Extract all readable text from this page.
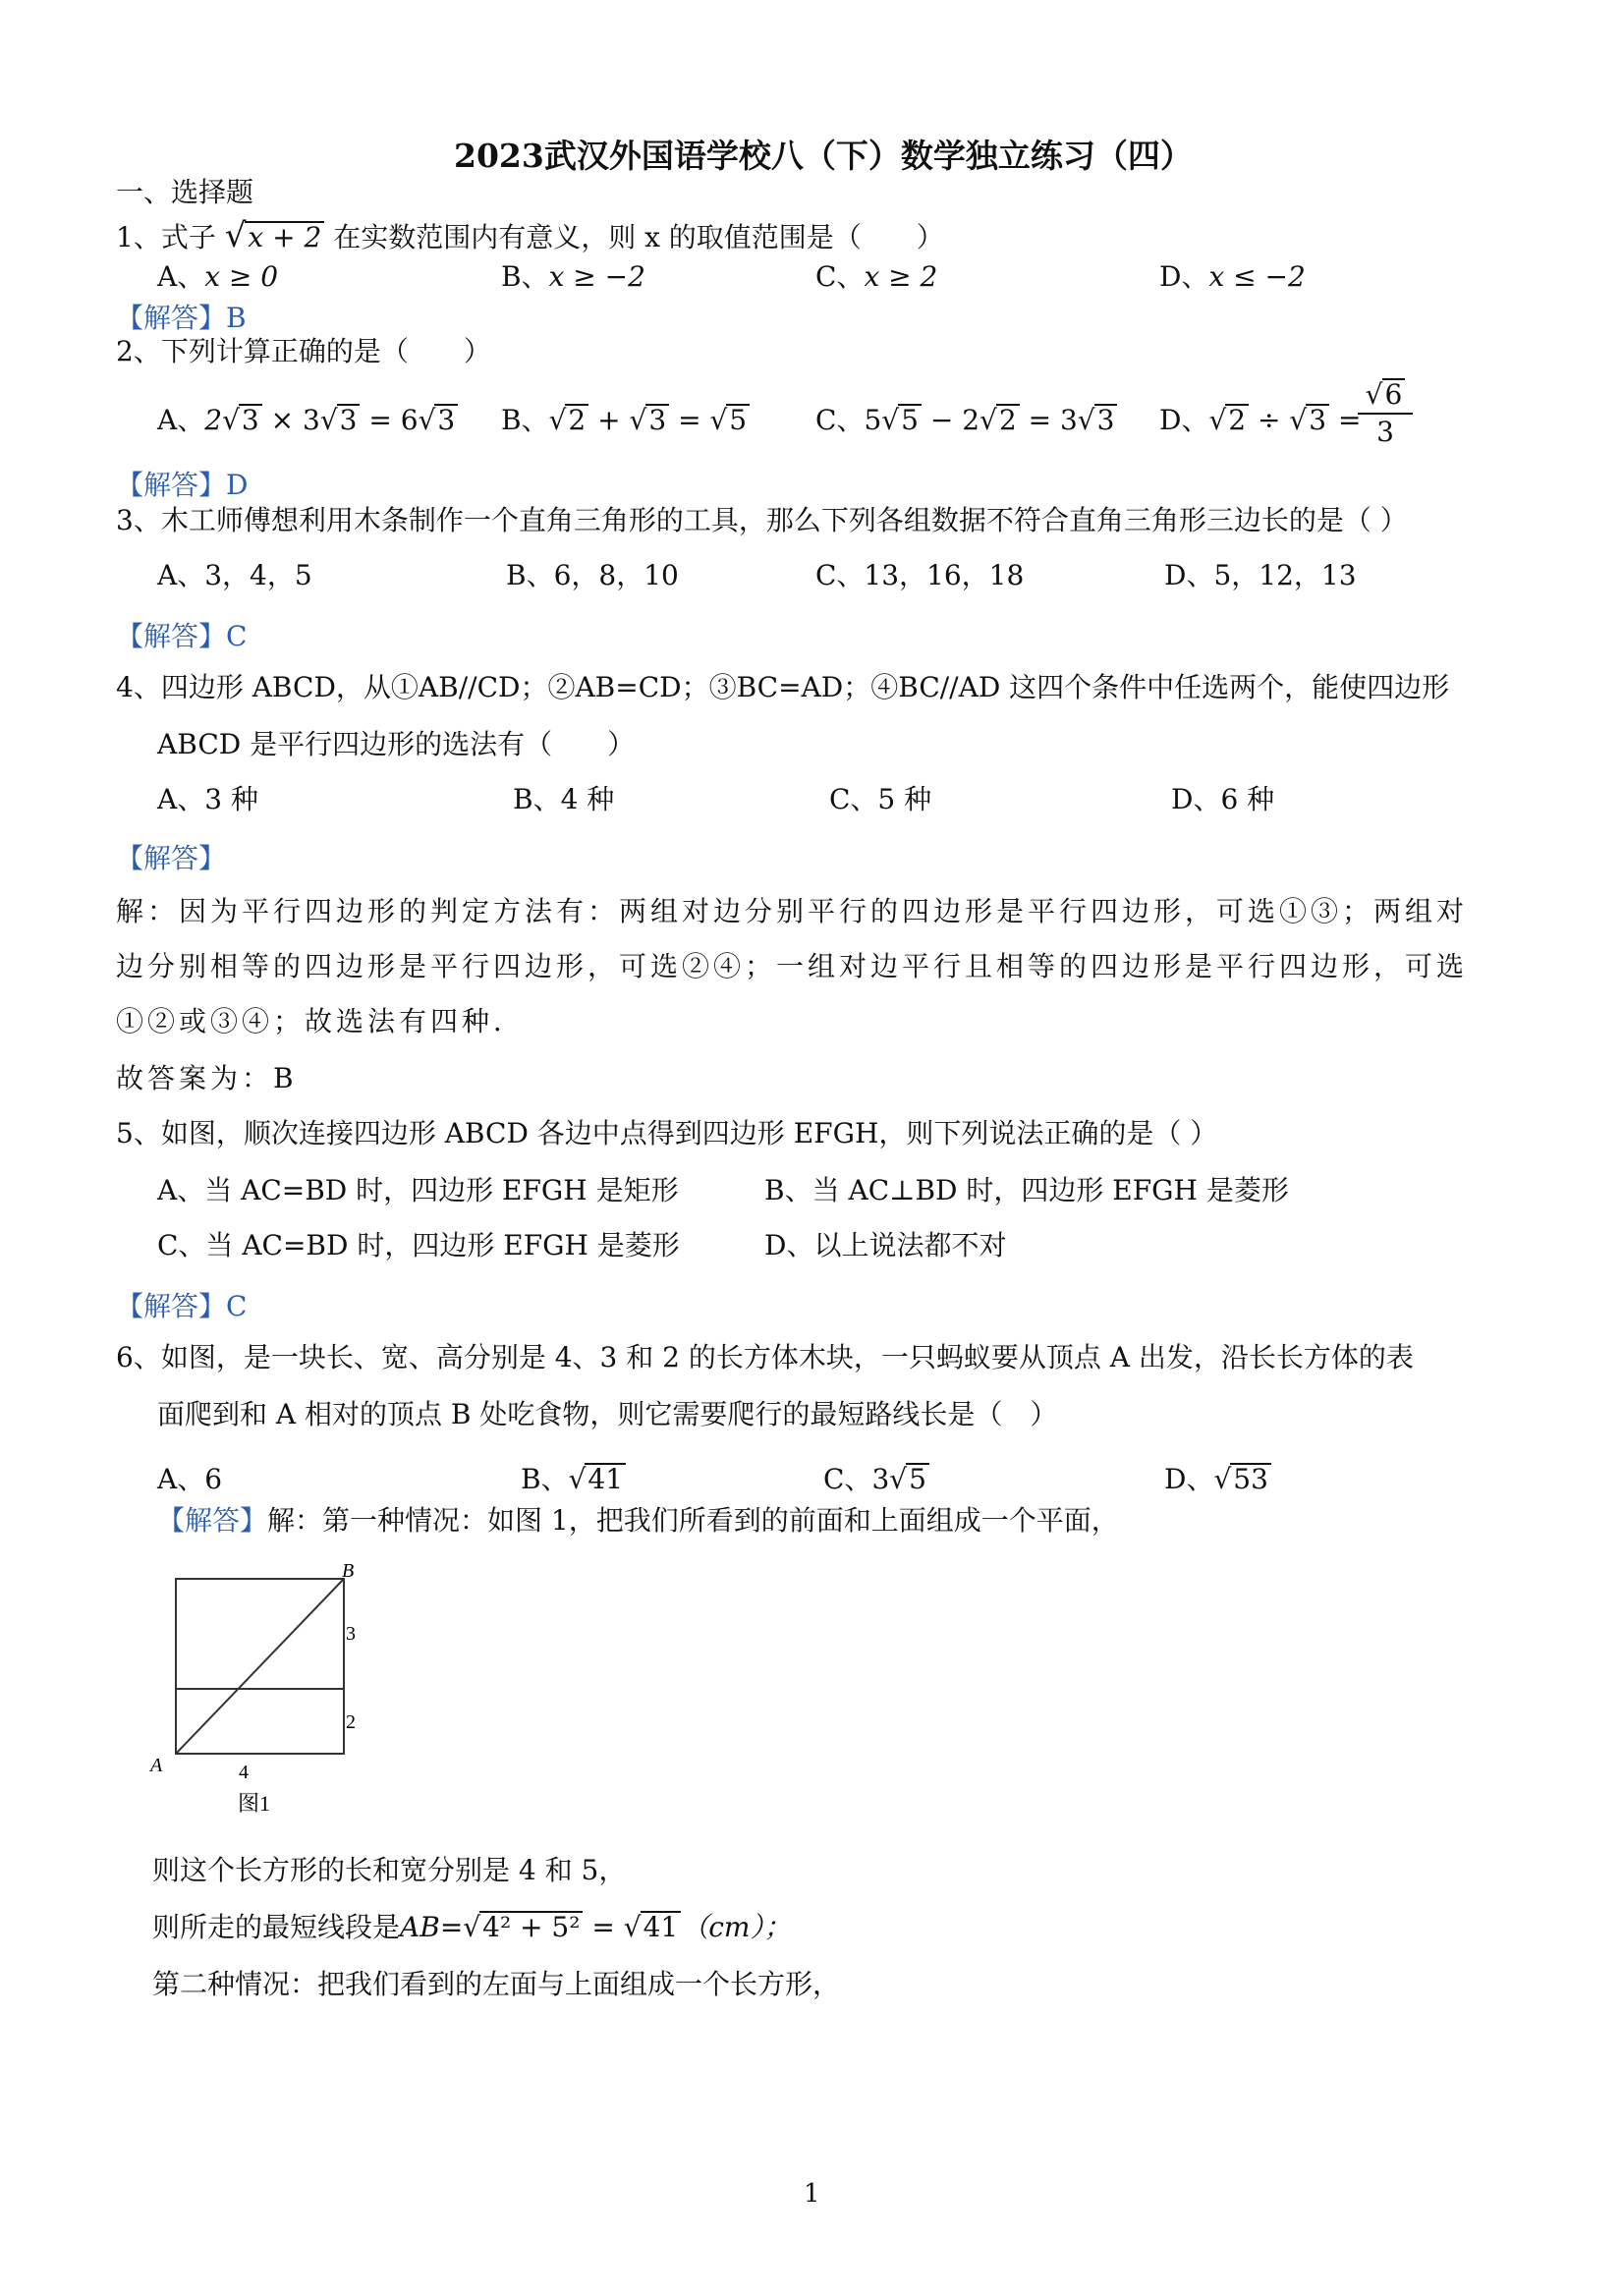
2023武汉外国语学校八（下）数学独立练习（四）
一、选择题
1、式子 √x + 2 在实数范围内有意义，则 x 的取值范围是（　　）
A、x ≥ 0	B、x ≥ −2	C、x ≥ 2	D、x ≤ −2
【解答】B
2、下列计算正确的是（　　）
A、2√3 × 3√3 = 6√3 B、√2 + √3 = √5 C、5√5 − 2√2 = 3√3 D、√2 ÷ √3 =
√6
3
【解答】D
3、木工师傅想利用木条制作一个直角三角形的工具，那么下列各组数据不符合直角三角形三边长的是（ ）
A、3，4，5	B、6，8，10	C、13，16，18	D、5，12，13
【解答】C
4、四边形 ABCD，从①AB//CD；②AB=CD；③BC=AD；④BC//AD 这四个条件中任选两个，能使四边形
ABCD 是平行四边形的选法有（　　）
A、3 种	B、4 种	C、5 种	D、6 种
【解答】
解：因为平行四边形的判定方法有：两组对边分别平行的四边形是平行四边形，可选①③；两组对
边分别相等的四边形是平行四边形，可选②④；一组对边平行且相等的四边形是平行四边形，可选
①②或③④；故选法有四种．
故答案为：B
5、如图，顺次连接四边形 ABCD 各边中点得到四边形 EFGH，则下列说法正确的是（ ）
A、当 AC=BD 时，四边形 EFGH 是矩形	B、当 AC⊥BD 时，四边形 EFGH 是菱形
C、当 AC=BD 时，四边形 EFGH 是菱形	D、以上说法都不对
【解答】C
6、如图，是一块长、宽、高分别是 4、3 和 2 的长方体木块，一只蚂蚁要从顶点 A 出发，沿长长方体的表
面爬到和 A 相对的顶点 B 处吃食物，则它需要爬行的最短路线长是（　）
A、6	B、√41	C、3√5	D、√53
【解答】解：第一种情况：如图 1，把我们所看到的前面和上面组成一个平面，
B
A
3
2
4
图1
则这个长方形的长和宽分别是 4 和 5，
则所走的最短线段是AB=√4² + 5² = √41 （cm）；
第二种情况：把我们看到的左面与上面组成一个长方形，
1
